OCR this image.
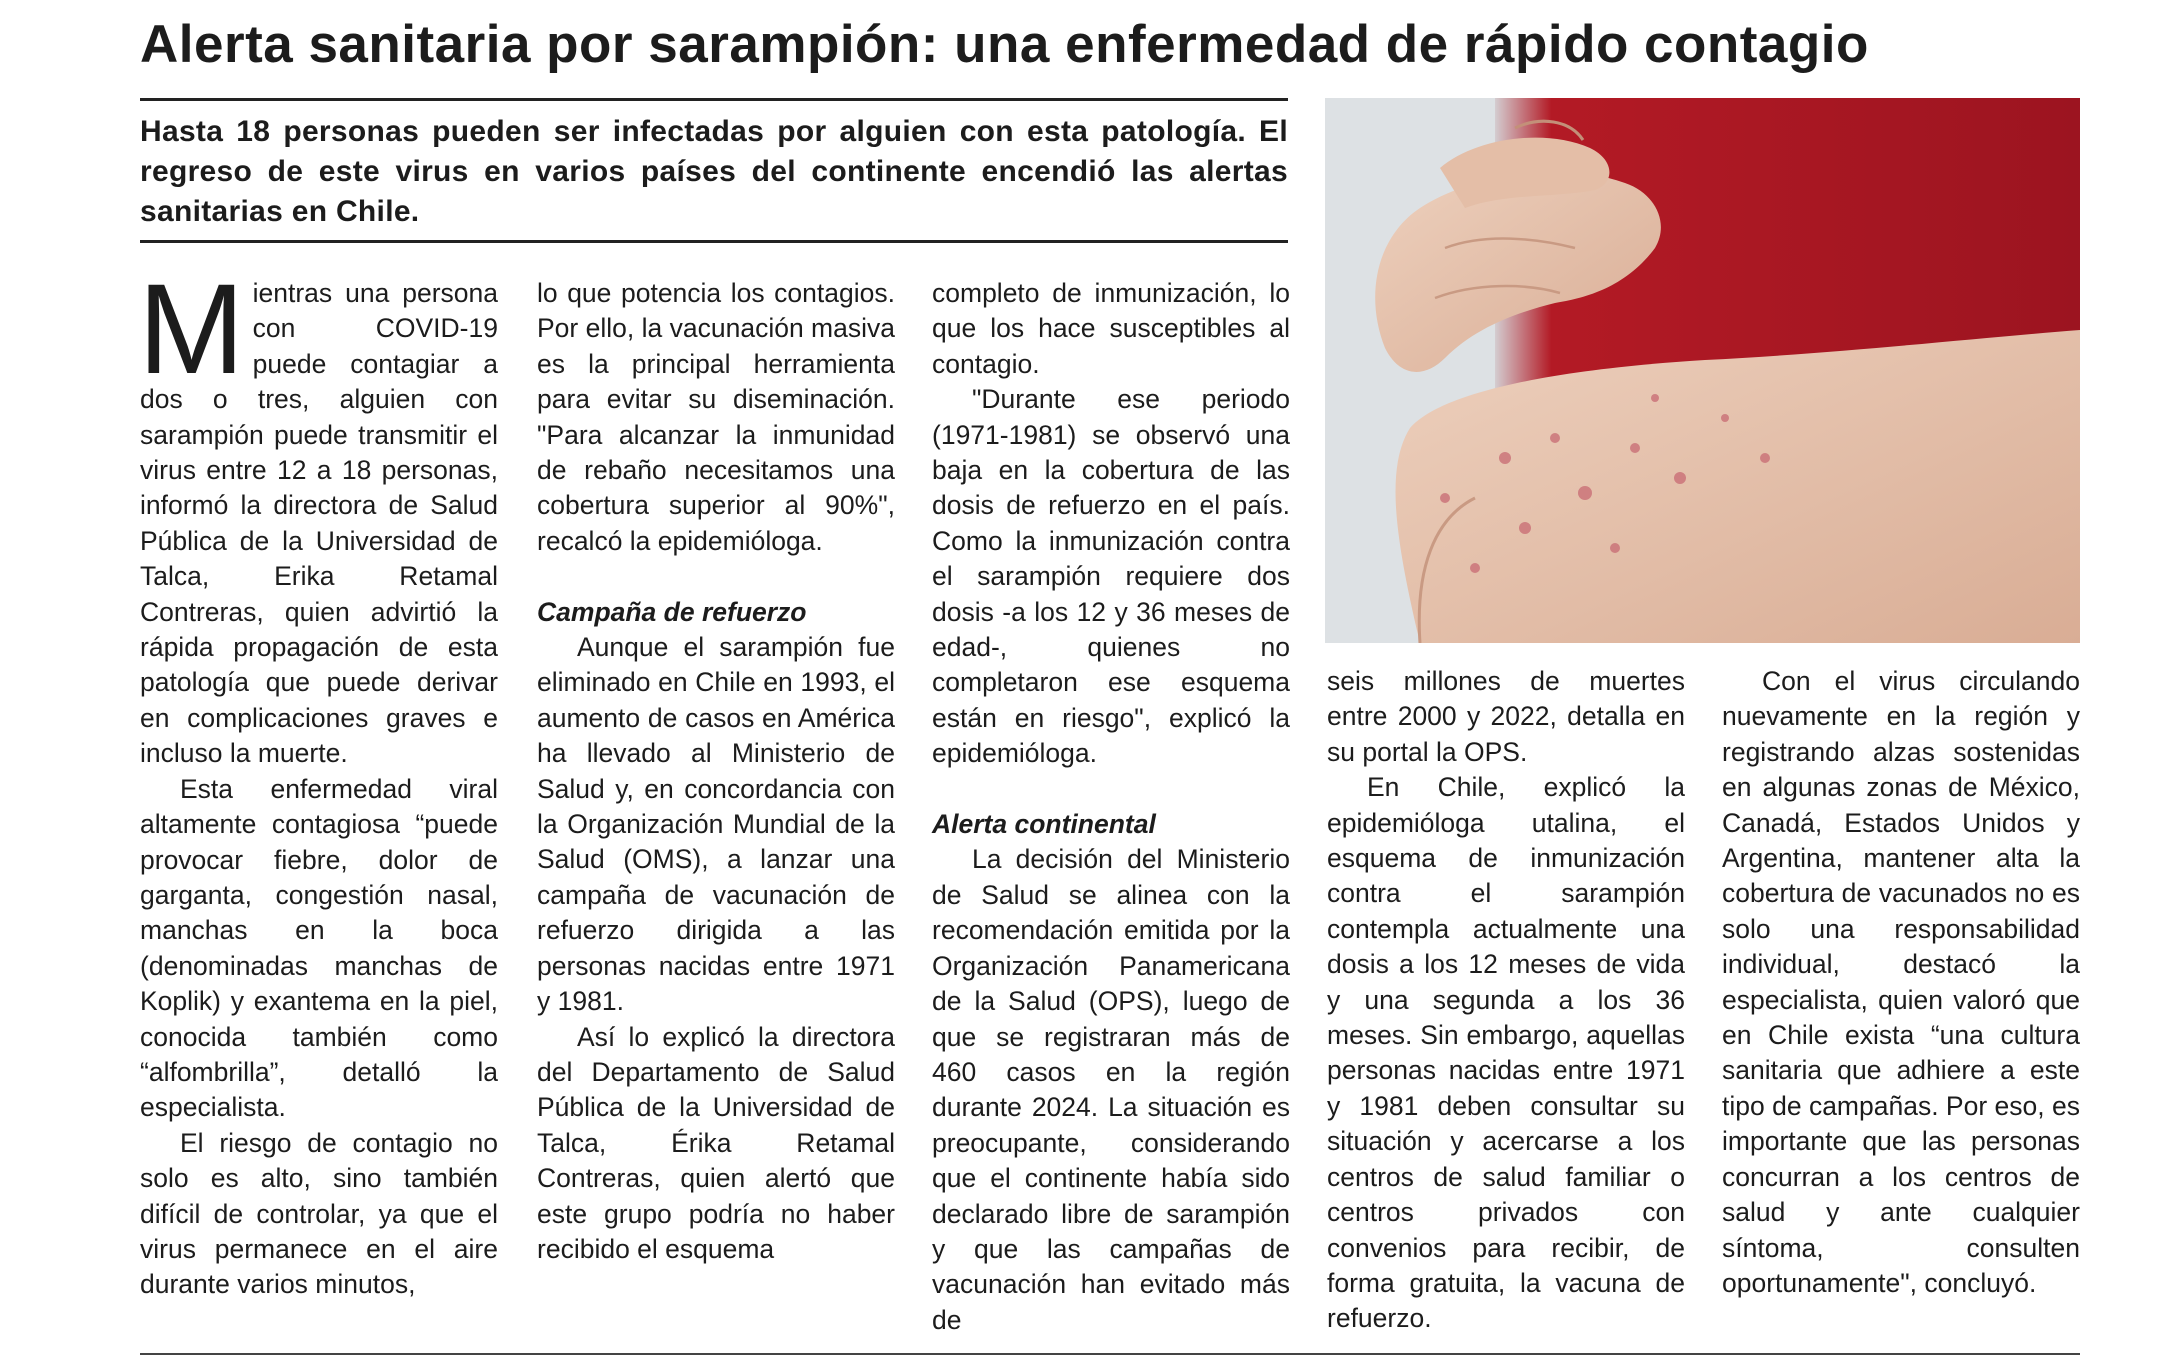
Alerta sanitaria por sarampión: una enfermedad de rápido contagio

Hasta 18 personas pueden ser infectadas por alguien con esta patología. El regreso de este virus en varios países del continente encendió las alertas sanitarias en Chile.

Mientras una persona con COVID-19 puede contagiar a dos o tres, alguien con sarampión puede transmitir el virus entre 12 a 18 personas, informó la directora de Salud Pública de la Universidad de Talca, Erika Retamal Contreras, quien advirtió la rápida propagación de esta patología que puede derivar en complicaciones graves e incluso la muerte.

Esta enfermedad viral altamente contagiosa “puede provocar fiebre, dolor de garganta, congestión nasal, manchas en la boca (denominadas manchas de Koplik) y exantema en la piel, conocida también como “alfombrilla”, detalló la especialista.

El riesgo de contagio no solo es alto, sino también difícil de controlar, ya que el virus permanece en el aire durante varios minutos,

lo que potencia los contagios. Por ello, la vacunación masiva es la principal herramienta para evitar su diseminación. "Para alcanzar la inmunidad de rebaño necesitamos una cobertura superior al 90%", recalcó la epidemióloga.

Campaña de refuerzo

Aunque el sarampión fue eliminado en Chile en 1993, el aumento de casos en América ha llevado al Ministerio de Salud y, en concordancia con la Organización Mundial de la Salud (OMS), a lanzar una campaña de vacunación de refuerzo dirigida a las personas nacidas entre 1971 y 1981.

Así lo explicó la directora del Departamento de Salud Pública de la Universidad de Talca, Érika Retamal Contreras, quien alertó que este grupo podría no haber recibido el esquema

completo de inmunización, lo que los hace susceptibles al contagio.

"Durante ese periodo (1971-1981) se observó una baja en la cobertura de las dosis de refuerzo en el país. Como la inmunización contra el sarampión requiere dos dosis -a los 12 y 36 meses de edad-, quienes no completaron ese esquema están en riesgo", explicó la epidemióloga.

Alerta continental

La decisión del Ministerio de Salud se alinea con la recomendación emitida por la Organización Panamericana de la Salud (OPS), luego de que se registraran más de 460 casos en la región durante 2024. La situación es preocupante, considerando que el continente había sido declarado libre de sarampión y que las campañas de vacunación han evitado más de

seis millones de muertes entre 2000 y 2022, detalla en su portal la OPS.

En Chile, explicó la epidemióloga utalina, el esquema de inmunización contra el sarampión contempla actualmente una dosis a los 12 meses de vida y una segunda a los 36 meses. Sin embargo, aquellas personas nacidas entre 1971 y 1981 deben consultar su situación y acercarse a los centros de salud familiar o centros privados con convenios para recibir, de forma gratuita, la vacuna de refuerzo.

Con el virus circulando nuevamente en la región y registrando alzas sostenidas en algunas zonas de México, Canadá, Estados Unidos y Argentina, mantener alta la cobertura de vacunados no es solo una responsabilidad individual, destacó la especialista, quien valoró que en Chile exista “una cultura sanitaria que adhiere a este tipo de campañas. Por eso, es importante que las personas concurran a los centros de salud y ante cualquier síntoma, consulten oportunamente", concluyó.
